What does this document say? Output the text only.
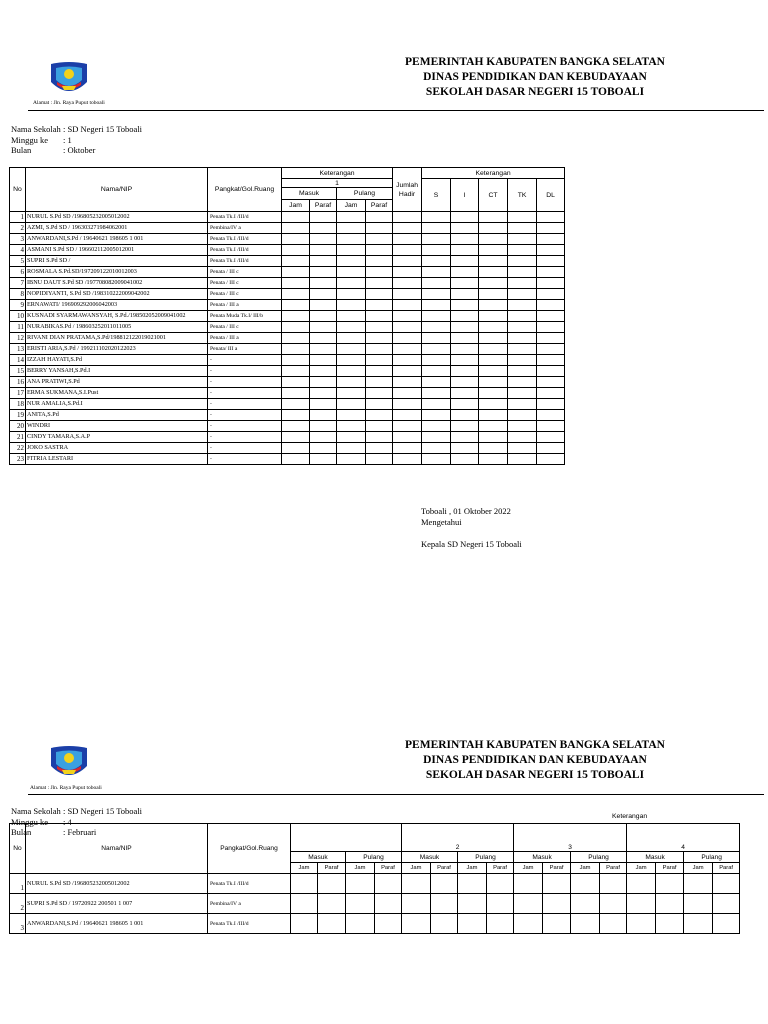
Alamat : Jln. Raya Puput toboali
PEMERINTAH KABUPATEN BANGKA SELATAN
DINAS PENDIDIKAN DAN KEBUDAYAAN
SEKOLAH DASAR NEGERI 15 TOBOALI
Nama Sekolah : SD Negeri 15 Toboali
Minggu ke : 1
Bulan	: Oktober
No	Nama/NIP	Pangkat/Gol.Ruang	Keterangan				Jumlah Hadir	Keterangan				
			1					S	I	CT	TK	DL
			Masuk		Pulang							
			Jam	Paraf	Jam	Paraf						
1	NURUL S.Pd SD /196805232005012002	Penata Tk.I /III/d										
2	AZMI, S.Pd SD / 196303271984062001	Pembina/IV a										
3	ANWARDANI,S.Pd / 19640621 198605 1 001	Penata Tk.I /III/d										
4	ASMANI S.Pd SD / 196602112005012001	Penata Tk.I /III/d										
5	SUPRI S.Pd SD /	Penata Tk.I /III/d										
6	ROSMALA S.Pd.SD/197209122010012003	Penata / III c										
7	IBNU DAUT S.Pd SD /197708082009041002	Penata / III c										
8	NOPIDIYANTI, S.Pd SD /198310222009042002	Penata / III c										
9	ERNAWATI/ 196909292006042003	Penata / III a										
10	KUSNADI SYARMAWANSYAH, S.Pd./198502052009041002	Penata Muda Tk.I/ III/b										
11	NURABIKAS.Pd / 198603252011011005	Penata / III c										
12	RIVANI DIAN PRATAMA,S.Pd/198812122019021001	Penata / III a										
13	ERISTI ARIA,S.Pd / 199211102020122023	Penata/ III a										
14	IZZAH HAYATI,S.Pd	-										
15	BERRY YANSAH,S.Pd.I	-										
16	ANA PRATIWI,S.Pd	-										
17	ERMA SUKMANA,S.I.Pust	-										
18	NUR AMALIA,S.Pd.I	-										
19	ANITA,S.Pd	-										
20	WINDRI	-										
21	CINDY TAMARA,S.A.P	-										
22	JOKO SASTRA	-										
23	FITRIA LESTARI	-										
Toboali , 01 Oktober 2022
Mengetahui
Kepala SD Negeri 15 Toboali
Alamat : Jln. Raya Puput toboali
PEMERINTAH KABUPATEN BANGKA SELATAN
DINAS PENDIDIKAN DAN KEBUDAYAAN
SEKOLAH DASAR NEGERI 15 TOBOALI
Nama Sekolah : SD Negeri 15 Toboali
Minggu ke : 4
Bulan	: Februari
Keterangan
No	Nama/NIP	Pangkat/Gol.Ruang					2				3				4			
			Masuk		Pulang		Masuk		Pulang		Masuk		Pulang		Masuk		Pulang	
			Jam	Paraf	Jam	Paraf	Jam	Paraf	Jam	Paraf	Jam	Paraf	Jam	Paraf	Jam	Paraf	Jam	Paraf
1	NURUL S.Pd SD /196805232005012002	Penata Tk.I /III/d																
2	SUPRI S.Pd SD / 19720922 200501 1 007	Pembina/IV a																
3	ANWARDANI,S.Pd / 19640621 198605 1 001	Penata Tk.I /III/d																
